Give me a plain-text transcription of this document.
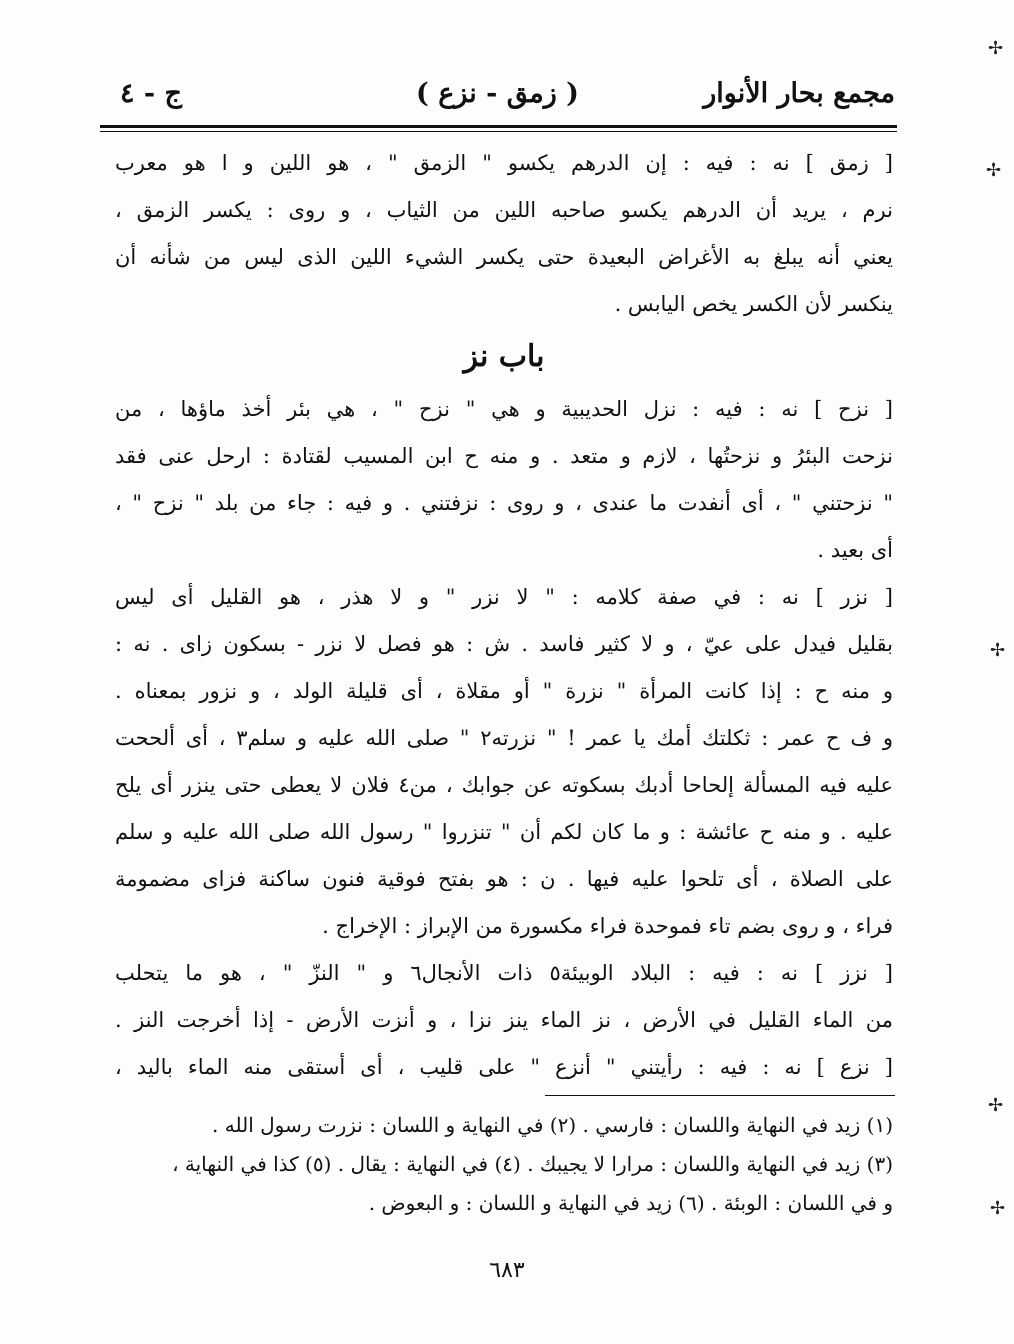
مجمع بحار الأنوار
( زمق - نزع )
ج - ٤
[ زمق ] نه : فيه : إن الدرهم يكسو " الزمق " ، هو اللين و ا هو معرب
نرم ، يريد أن الدرهم يكسو صاحبه اللين من الثياب ، و روى : يكسر الزمق ،
يعني أنه يبلغ به الأغراض البعيدة حتى يكسر الشيء اللين الذى ليس من شأنه أن
ينكسر لأن الكسر يخص اليابس .
باب نز
[ نزح ] نه : فيه : نزل الحديبية و هي " نزح " ، هي بئر أخذ ماؤها ، من
نزحت البئرُ و نزحتُها ، لازم و متعد . و منه ح ابن المسيب لقتادة : ارحل عنى فقد
" نزحتني " ، أى أنفدت ما عندى ، و روى : نزفتني . و فيه : جاء من بلد " نزح " ،
أى بعيد .
[ نزر ] نه : في صفة كلامه : " لا نزر " و لا هذر ، هو القليل أى ليس
بقليل فيدل على عيّ ، و لا كثير فاسد . ش : هو فصل لا نزر - بسكون زاى . نه :
و منه ح : إذا كانت المرأة " نزرة " أو مقلاة ، أى قليلة الولد ، و نزور بمعناه .
و ف ح عمر : ثكلتك أمك يا عمر ! " نزرته٢ " صلى الله عليه و سلم٣ ، أى ألححت
عليه فيه المسألة إلحاحا أدبك بسكوته عن جوابك ، من٤ فلان لا يعطى حتى ينزر أى يلح
عليه . و منه ح عائشة : و ما كان لكم أن " تنزروا " رسول الله صلى الله عليه و سلم
على الصلاة ، أى تلحوا عليه فيها . ن : هو بفتح فوقية فنون ساكنة فزاى مضمومة
فراء ، و روى بضم تاء فموحدة فراء مكسورة من الإبراز : الإخراج .
[ نزز ] نه : فيه : البلاد الوبيئة٥ ذات الأنجال٦ و " النزّ " ، هو ما يتحلب
من الماء القليل في الأرض ، نز الماء ينز نزا ، و أنزت الأرض - إذا أخرجت النز .
[ نزع ] نه : فيه : رأيتني " أنزع " على قليب ، أى أستقى منه الماء باليد ،
(١) زيد في النهاية واللسان : فارسي . (٢) في النهاية و اللسان : نزرت رسول الله .
(٣) زيد في النهاية واللسان : مرارا لا يجيبك . (٤) في النهاية : يقال . (٥) كذا في النهاية ،
و في اللسان : الوبئة . (٦) زيد في النهاية و اللسان : و البعوض .
٦٨٣
✢
✢
✢
✢
✢
